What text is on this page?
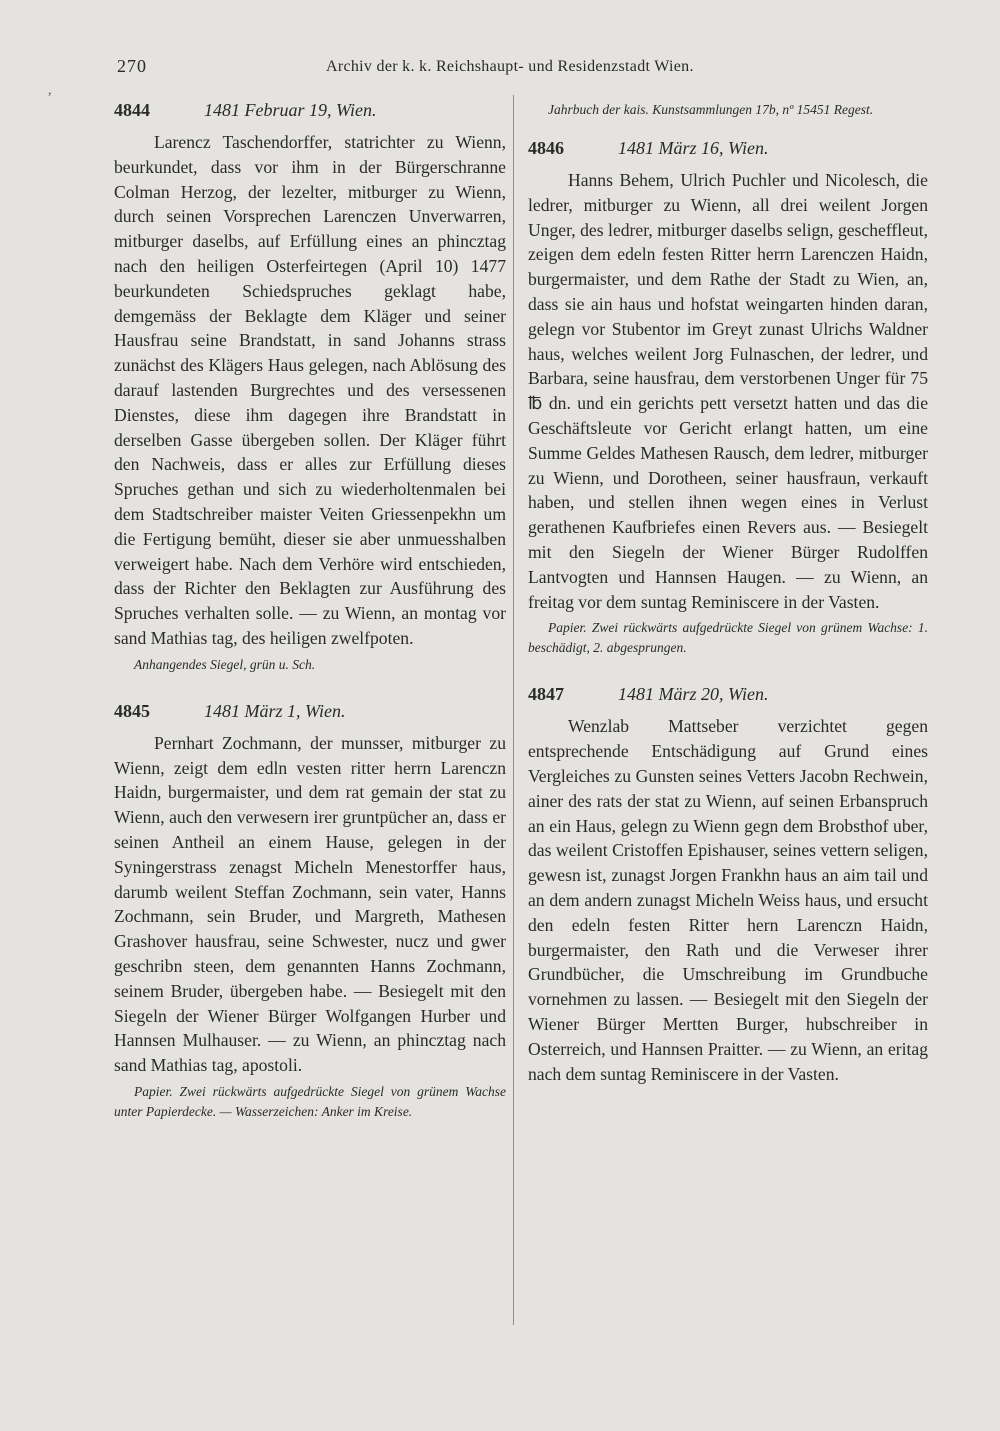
,
270	Archiv der k. k. Reichshaupt- und Residenzstadt Wien.
4844	1481 Februar 19, Wien.

Larencz Taschendorffer, statrichter zu Wienn, beurkundet, dass vor ihm in der Bürgerschranne Colman Herzog, der lezelter, mitburger zu Wienn, durch seinen Vorsprechen Larenczen Unverwarren, mitburger daselbs, auf Erfüllung eines an phincztag nach den heiligen Osterfeirtegen (April 10) 1477 beurkundeten Schiedspruches geklagt habe, demgemäss der Beklagte dem Kläger und seiner Hausfrau seine Brandstatt, in sand Johanns strass zunächst des Klägers Haus gelegen, nach Ablösung des darauf lastenden Burgrechtes und des versessenen Dienstes, diese ihm dagegen ihre Brandstatt in derselben Gasse übergeben sollen. Der Kläger führt den Nachweis, dass er alles zur Erfüllung dieses Spruches gethan und sich zu wiederholtenmalen bei dem Stadtschreiber maister Veiten Griessenpekhn um die Fertigung bemüht, dieser sie aber unmuesshalben verweigert habe. Nach dem Verhöre wird entschieden, dass der Richter den Beklagten zur Ausführung des Spruches verhalten solle. — zu Wienn, an montag vor sand Mathias tag, des heiligen zwelfpoten.

Anhangendes Siegel, grün u. Sch.

4845	1481 März 1, Wien.

Pernhart Zochmann, der munsser, mitburger zu Wienn, zeigt dem edln vesten ritter herrn Larenczn Haidn, burgermaister, und dem rat gemain der stat zu Wienn, auch den verwesern irer gruntpücher an, dass er seinen Antheil an einem Hause, gelegen in der Syningerstrass zenagst Micheln Menestorffer haus, darumb weilent Steffan Zochmann, sein vater, Hanns Zochmann, sein Bruder, und Margreth, Mathesen Grashover hausfrau, seine Schwester, nucz und gwer geschribn steen, dem genannten Hanns Zochmann, seinem Bruder, übergeben habe. — Besiegelt mit den Siegeln der Wiener Bürger Wolfgangen Hurber und Hannsen Mulhauser. — zu Wienn, an phincztag nach sand Mathias tag, apostoli.

Papier. Zwei rückwärts aufgedrückte Siegel von grünem Wachse unter Papierdecke. — Wasserzeichen: Anker im Kreise.

Jahrbuch der kais. Kunstsammlungen 17b, nº 15451 Regest.

4846	1481 März 16, Wien.

Hanns Behem, Ulrich Puchler und Nicolesch, die ledrer, mitburger zu Wienn, all drei weilent Jorgen Unger, des ledrer, mitburger daselbs selign, gescheffleut, zeigen dem edeln festen Ritter herrn Larenczen Haidn, burgermaister, und dem Rathe der Stadt zu Wien, an, dass sie ain haus und hofstat weingarten hinden daran, gelegn vor Stubentor im Greyt zunast Ulrichs Waldner haus, welches weilent Jorg Fulnaschen, der ledrer, und Barbara, seine hausfrau, dem verstorbenen Unger für 75 ℔ dn. und ein gerichts pett versetzt hatten und das die Geschäftsleute vor Gericht erlangt hatten, um eine Summe Geldes Mathesen Rausch, dem ledrer, mitburger zu Wienn, und Dorotheen, seiner hausfraun, verkauft haben, und stellen ihnen wegen eines in Verlust gerathenen Kaufbriefes einen Revers aus. — Besiegelt mit den Siegeln der Wiener Bürger Rudolffen Lantvogten und Hannsen Haugen. — zu Wienn, an freitag vor dem suntag Reminiscere in der Vasten.

Papier. Zwei rückwärts aufgedrückte Siegel von grünem Wachse: 1. beschädigt, 2. abgesprungen.

4847	1481 März 20, Wien.

Wenzlab Mattseber verzichtet gegen entsprechende Entschädigung auf Grund eines Vergleiches zu Gunsten seines Vetters Jacobn Rechwein, ainer des rats der stat zu Wienn, auf seinen Erbanspruch an ein Haus, gelegn zu Wienn gegn dem Brobsthof uber, das weilent Cristoffen Epishauser, seines vettern seligen, gewesn ist, zunagst Jorgen Frankhn haus an aim tail und an dem andern zunagst Micheln Weiss haus, und ersucht den edeln festen Ritter hern Larenczn Haidn, burgermaister, den Rath und die Verweser ihrer Grundbücher, die Umschreibung im Grundbuche vornehmen zu lassen. — Besiegelt mit den Siegeln der Wiener Bürger Mertten Burger, hubschreiber in Osterreich, und Hannsen Praitter. — zu Wienn, an eritag nach dem suntag Reminiscere in der Vasten.
